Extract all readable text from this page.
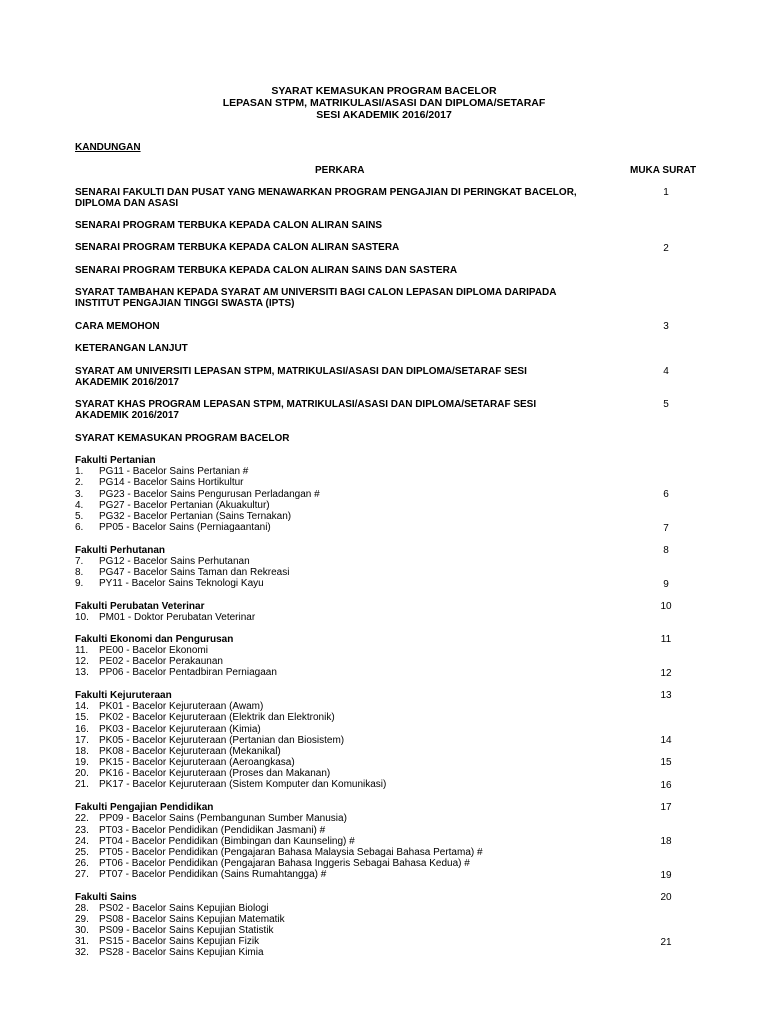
SYARAT KEMASUKAN PROGRAM BACELOR
LEPASAN STPM, MATRIKULASI/ASASI DAN DIPLOMA/SETARAF
SESI AKADEMIK 2016/2017
KANDUNGAN
PERKARA	MUKA SURAT
SENARAI FAKULTI DAN PUSAT YANG MENAWARKAN PROGRAM PENGAJIAN DI PERINGKAT BACELOR,
DIPLOMA DAN ASASI
1
SENARAI PROGRAM TERBUKA KEPADA CALON ALIRAN SAINS
SENARAI PROGRAM TERBUKA KEPADA CALON ALIRAN SASTERA	2
SENARAI PROGRAM TERBUKA KEPADA CALON ALIRAN SAINS DAN SASTERA
SYARAT TAMBAHAN KEPADA SYARAT AM UNIVERSITI BAGI CALON LEPASAN DIPLOMA DARIPADA
INSTITUT PENGAJIAN TINGGI SWASTA (IPTS)
CARA MEMOHON	3
KETERANGAN LANJUT
SYARAT AM UNIVERSITI LEPASAN STPM, MATRIKULASI/ASASI DAN DIPLOMA/SETARAF SESI
AKADEMIK 2016/2017
4
SYARAT KHAS PROGRAM LEPASAN STPM, MATRIKULASI/ASASI DAN DIPLOMA/SETARAF SESI
AKADEMIK 2016/2017
5
SYARAT KEMASUKAN PROGRAM BACELOR
Fakulti Pertanian
1. PG11 - Bacelor Sains Pertanian #
2. PG14 - Bacelor Sains Hortikultur
3. PG23 - Bacelor Sains Pengurusan Perladangan #	6
4. PG27 - Bacelor Pertanian (Akuakultur)
5. PG32 - Bacelor Pertanian (Sains Ternakan)
6. PP05 - Bacelor Sains (Perniagaantani)	7
Fakulti Perhutanan	8
7. PG12 - Bacelor Sains Perhutanan
8. PG47 - Bacelor Sains Taman dan Rekreasi
9. PY11 - Bacelor Sains Teknologi Kayu	9
Fakulti Perubatan Veterinar	10
10. PM01 - Doktor Perubatan Veterinar
Fakulti Ekonomi dan Pengurusan	11
11. PE00 - Bacelor Ekonomi
12. PE02 - Bacelor Perakaunan
13. PP06 - Bacelor Pentadbiran Perniagaan	12
Fakulti Kejuruteraan	13
14. PK01 - Bacelor Kejuruteraan (Awam)
15. PK02 - Bacelor Kejuruteraan (Elektrik dan Elektronik)
16. PK03 - Bacelor Kejuruteraan (Kimia)
17. PK05 - Bacelor Kejuruteraan (Pertanian dan Biosistem)	14
18. PK08 - Bacelor Kejuruteraan (Mekanikal)
19. PK15 - Bacelor Kejuruteraan (Aeroangkasa)	15
20. PK16 - Bacelor Kejuruteraan (Proses dan Makanan)
21. PK17 - Bacelor Kejuruteraan (Sistem Komputer dan Komunikasi)	16
Fakulti Pengajian Pendidikan	17
22. PP09 - Bacelor Sains (Pembangunan Sumber Manusia)
23. PT03 - Bacelor Pendidikan (Pendidikan Jasmani) #
24. PT04 - Bacelor Pendidikan (Bimbingan dan Kaunseling) #	18
25. PT05 - Bacelor Pendidikan (Pengajaran Bahasa Malaysia Sebagai Bahasa Pertama) #
26. PT06 - Bacelor Pendidikan (Pengajaran Bahasa Inggeris Sebagai Bahasa Kedua) #
27. PT07 - Bacelor Pendidikan (Sains Rumahtangga) #	19
Fakulti Sains	20
28. PS02 - Bacelor Sains Kepujian Biologi
29. PS08 - Bacelor Sains Kepujian Matematik
30. PS09 - Bacelor Sains Kepujian Statistik
31. PS15 - Bacelor Sains Kepujian Fizik	21
32. PS28 - Bacelor Sains Kepujian Kimia
